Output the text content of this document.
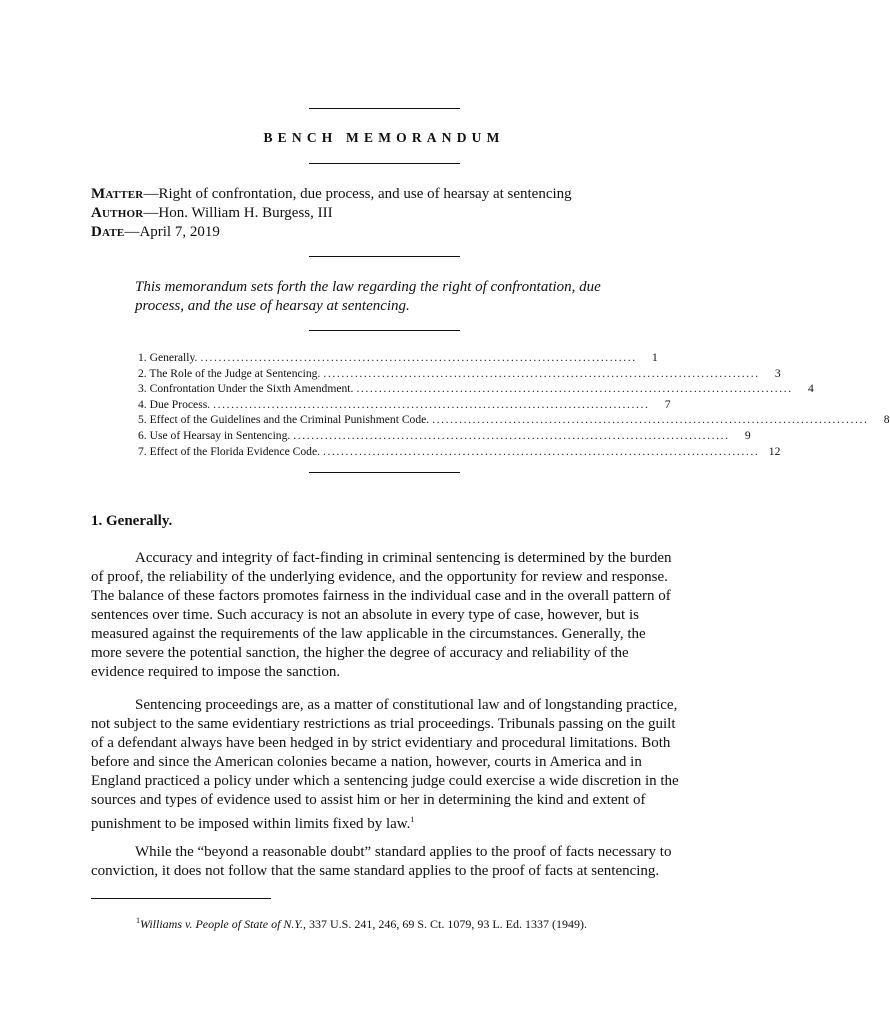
BENCH MEMORANDUM
Matter—Right of confrontation, due process, and use of hearsay at sentencing
Author—Hon. William H. Burgess, III
Date—April 7, 2019
This memorandum sets forth the law regarding the right of confrontation, due process, and the use of hearsay at sentencing.
1. Generally. .................................................................................................	1
2. The Role of the Judge at Sentencing. .................................................................................................	3
3. Confrontation Under the Sixth Amendment. .................................................................................................	4
4. Due Process. .................................................................................................	7
5. Effect of the Guidelines and the Criminal Punishment Code. .................................................................................................	8
6. Use of Hearsay in Sentencing. .................................................................................................	9
7. Effect of the Florida Evidence Code. ................................................................................................. 12
1. Generally.
Accuracy and integrity of fact-finding in criminal sentencing is determined by the burden of proof, the reliability of the underlying evidence, and the opportunity for review and response. The balance of these factors promotes fairness in the individual case and in the overall pattern of sentences over time. Such accuracy is not an absolute in every type of case, however, but is measured against the requirements of the law applicable in the circumstances. Generally, the more severe the potential sanction, the higher the degree of accuracy and reliability of the evidence required to impose the sanction.
Sentencing proceedings are, as a matter of constitutional law and of longstanding practice, not subject to the same evidentiary restrictions as trial proceedings. Tribunals passing on the guilt of a defendant always have been hedged in by strict evidentiary and procedural limitations. Both before and since the American colonies became a nation, however, courts in America and in England practiced a policy under which a sentencing judge could exercise a wide discretion in the sources and types of evidence used to assist him or her in determining the kind and extent of punishment to be imposed within limits fixed by law.$^1$
While the “beyond a reasonable doubt” standard applies to the proof of facts necessary to conviction, it does not follow that the same standard applies to the proof of facts at sentencing.
$^1$Williams v. People of State of N.Y., 337 U.S. 241, 246, 69 S. Ct. 1079, 93 L. Ed. 1337 (1949).
